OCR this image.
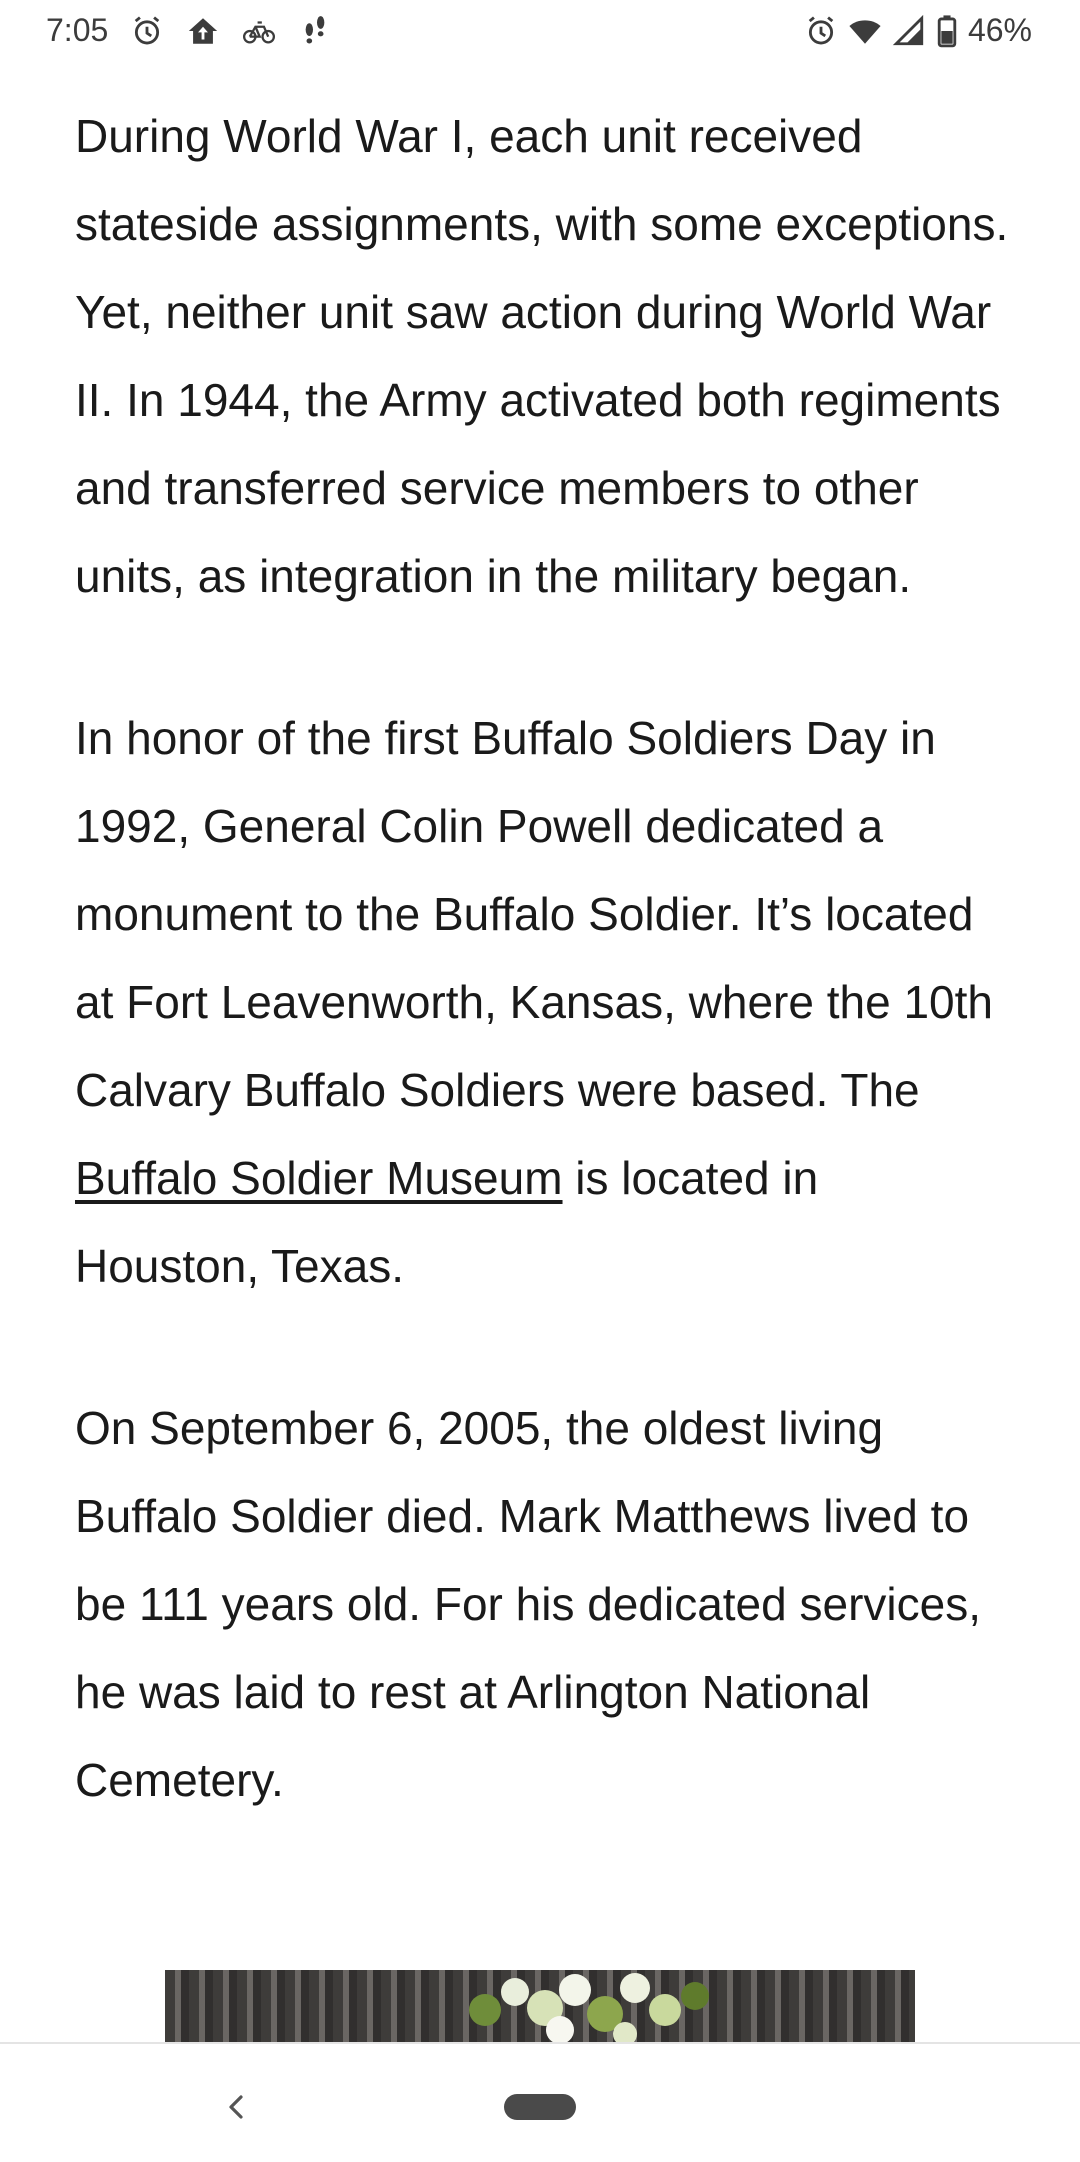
7:05	46%

During World War I, each unit received stateside assignments, with some exceptions. Yet, neither unit saw action during World War II. In 1944, the Army activated both regiments and transferred service members to other units, as integration in the military began.

In honor of the first Buffalo Soldiers Day in 1992, General Colin Powell dedicated a monument to the Buffalo Soldier. It’s located at Fort Leavenworth, Kansas, where the 10th Calvary Buffalo Soldiers were based. The Buffalo Soldier Museum is located in Houston, Texas.

On September 6, 2005, the oldest living Buffalo Soldier died. Mark Matthews lived to be 111 years old. For his dedicated services, he was laid to rest at Arlington National Cemetery.
